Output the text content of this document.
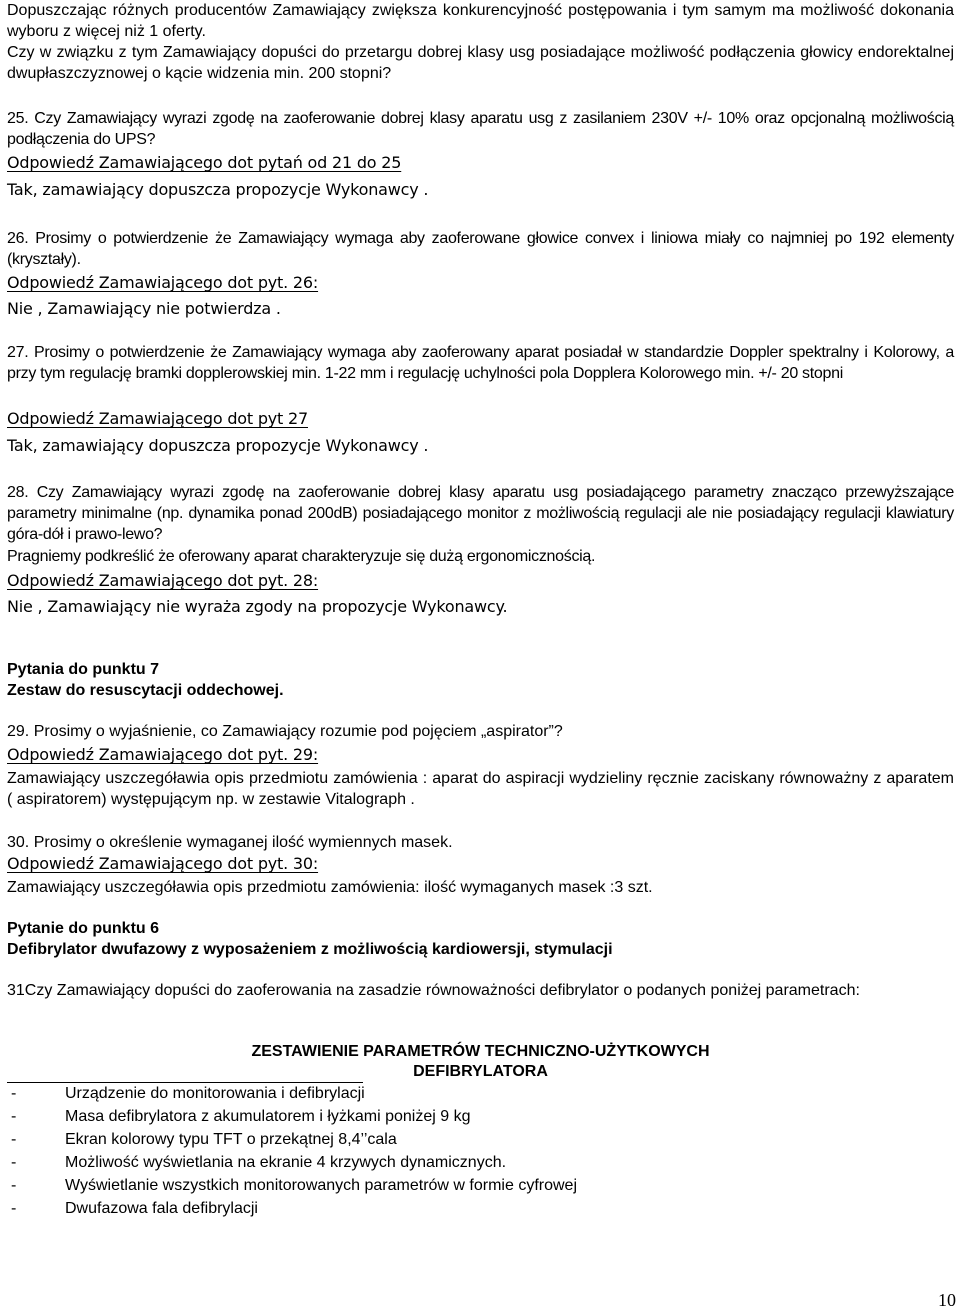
Dopuszczając różnych producentów Zamawiający zwiększa konkurencyjność postępowania i tym samym ma możliwość dokonania wyboru z więcej niż 1 oferty.

Czy w związku z tym Zamawiający dopuści do przetargu dobrej klasy usg posiadające możliwość podłączenia głowicy endorektalnej dwupłaszczyznowej o kącie widzenia min. 200 stopni?

25. Czy Zamawiający wyrazi zgodę na zaoferowanie dobrej klasy aparatu usg z zasilaniem 230V +/- 10% oraz opcjonalną możliwością podłączenia do UPS?

Odpowiedź Zamawiającego dot pytań od 21 do 25

Tak, zamawiający dopuszcza propozycje Wykonawcy .

26. Prosimy o potwierdzenie że Zamawiający wymaga aby zaoferowane głowice convex i liniowa miały co najmniej po 192 elementy (kryształy).

Odpowiedź Zamawiającego dot pyt. 26:

Nie , Zamawiający nie potwierdza .

27. Prosimy o potwierdzenie że Zamawiający wymaga aby zaoferowany aparat posiadał w standardzie Doppler spektralny i Kolorowy, a przy tym regulację bramki dopplerowskiej min. 1-22 mm i regulację uchylności pola Dopplera Kolorowego min. +/- 20 stopni

Odpowiedź Zamawiającego dot pyt 27

Tak, zamawiający dopuszcza propozycje Wykonawcy .

28. Czy Zamawiający wyrazi zgodę na zaoferowanie dobrej klasy aparatu usg posiadającego parametry znacząco przewyższające parametry minimalne (np. dynamika ponad 200dB) posiadającego monitor z możliwością regulacji ale nie posiadający regulacji klawiatury góra-dół i prawo-lewo?

Pragniemy podkreślić że oferowany aparat charakteryzuje się dużą ergonomicznością.

Odpowiedź Zamawiającego dot pyt. 28:

Nie , Zamawiający nie wyraża zgody na propozycje Wykonawcy.

Pytania do punktu 7

Zestaw do resuscytacji oddechowej.

29. Prosimy o wyjaśnienie, co Zamawiający rozumie pod pojęciem „aspirator”?

Odpowiedź Zamawiającego dot pyt. 29:

Zamawiający uszczegóławia opis przedmiotu zamówienia : aparat do aspiracji wydzieliny ręcznie zaciskany równoważny z aparatem ( aspiratorem) występującym np. w zestawie Vitalograph .

30. Prosimy o określenie wymaganej ilość wymiennych masek.

Odpowiedź Zamawiającego dot pyt. 30:

Zamawiający uszczegóławia opis przedmiotu zamówienia: ilość wymaganych masek :3 szt.

Pytanie do punktu 6

Defibrylator dwufazowy z wyposażeniem z możliwością kardiowersji, stymulacji

31Czy Zamawiający dopuści do zaoferowania na zasadzie równoważności defibrylator o podanych poniżej parametrach:

ZESTAWIENIE PARAMETRÓW TECHNICZNO-UŻYTKOWYCH

DEFIBRYLATORA

-	Urządzenie do monitorowania i defibrylacji
-	Masa defibrylatora z akumulatorem i łyżkami poniżej 9 kg
-	Ekran kolorowy typu TFT o przekątnej 8,4’’cala
-	Możliwość wyświetlania na ekranie 4 krzywych dynamicznych.
-	Wyświetlanie wszystkich monitorowanych parametrów w formie cyfrowej
-	Dwufazowa fala defibrylacji
10
